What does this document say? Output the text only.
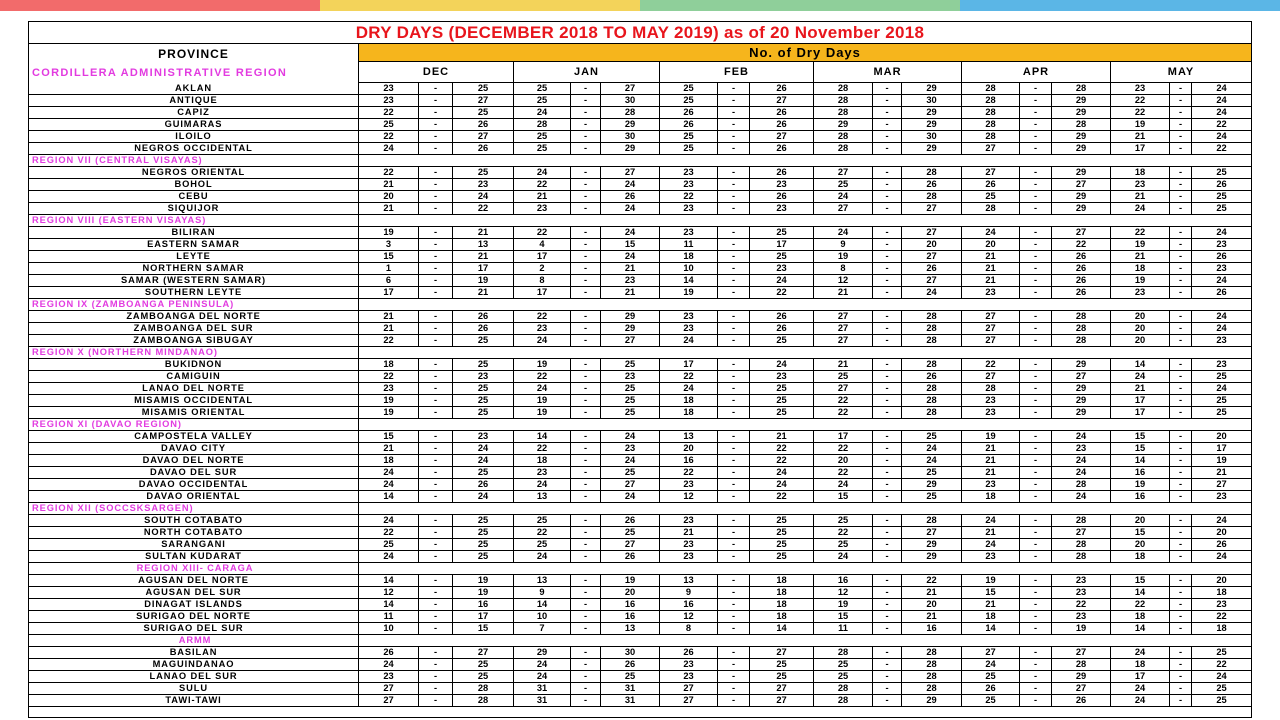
DRY DAYS (DECEMBER 2018 TO MAY 2019) as of 20 November 2018
PROVINCE	No. of Dry Days
CORDILLERA ADMINISTRATIVE REGION	DEC	JAN	FEB	MAR	APR	MAY
AKLAN	23	-	25	25	-	27	25	-	26	28	-	29	28	-	28	23	-	24
ANTIQUE	23	-	27	25	-	30	25	-	27	28	-	30	28	-	29	22	-	24
CAPIZ	22	-	25	24	-	28	26	-	26	28	-	29	28	-	29	22	-	24
GUIMARAS	25	-	26	28	-	29	26	-	26	29	-	29	28	-	28	19	-	22
ILOILO	22	-	27	25	-	30	25	-	27	28	-	30	28	-	29	21	-	24
NEGROS OCCIDENTAL	24	-	26	25	-	29	25	-	26	28	-	29	27	-	29	17	-	22
REGION VII (CENTRAL VISAYAS)
NEGROS ORIENTAL	22	-	25	24	-	27	23	-	26	27	-	28	27	-	29	18	-	25
BOHOL	21	-	23	22	-	24	23	-	23	25	-	26	26	-	27	23	-	26
CEBU	20	-	24	21	-	26	22	-	26	24	-	28	25	-	29	21	-	25
SIQUIJOR	21	-	22	23	-	24	23	-	23	27	-	27	28	-	29	24	-	25
REGION VIII (EASTERN VISAYAS)
BILIRAN	19	-	21	22	-	24	23	-	25	24	-	27	24	-	27	22	-	24
EASTERN SAMAR	3	-	13	4	-	15	11	-	17	9	-	20	20	-	22	19	-	23
LEYTE	15	-	21	17	-	24	18	-	25	19	-	27	21	-	26	21	-	26
NORTHERN SAMAR	1	-	17	2	-	21	10	-	23	8	-	26	21	-	26	18	-	23
SAMAR (WESTERN SAMAR)	6	-	19	8	-	23	14	-	24	12	-	27	21	-	26	19	-	24
SOUTHERN LEYTE	17	-	21	17	-	21	19	-	22	21	-	24	23	-	26	23	-	26
REGION IX (ZAMBOANGA PENINSULA)
ZAMBOANGA DEL NORTE	21	-	26	22	-	29	23	-	26	27	-	28	27	-	28	20	-	24
ZAMBOANGA DEL SUR	21	-	26	23	-	29	23	-	26	27	-	28	27	-	28	20	-	24
ZAMBOANGA SIBUGAY	22	-	25	24	-	27	24	-	25	27	-	28	27	-	28	20	-	23
REGION X (NORTHERN MINDANAO)
BUKIDNON	18	-	25	19	-	25	17	-	24	21	-	28	22	-	29	14	-	23
CAMIGUIN	22	-	23	22	-	23	22	-	23	25	-	26	27	-	27	24	-	25
LANAO DEL NORTE	23	-	25	24	-	25	24	-	25	27	-	28	28	-	29	21	-	24
MISAMIS OCCIDENTAL	19	-	25	19	-	25	18	-	25	22	-	28	23	-	29	17	-	25
MISAMIS ORIENTAL	19	-	25	19	-	25	18	-	25	22	-	28	23	-	29	17	-	25
REGION XI (DAVAO REGION)
CAMPOSTELA VALLEY	15	-	23	14	-	24	13	-	21	17	-	25	19	-	24	15	-	20
DAVAO CITY	21	-	24	22	-	23	20	-	22	22	-	24	21	-	23	15	-	17
DAVAO DEL NORTE	18	-	24	18	-	24	16	-	22	20	-	24	21	-	24	14	-	19
DAVAO DEL SUR	24	-	25	23	-	25	22	-	24	22	-	25	21	-	24	16	-	21
DAVAO OCCIDENTAL	24	-	26	24	-	27	23	-	24	24	-	29	23	-	28	19	-	27
DAVAO ORIENTAL	14	-	24	13	-	24	12	-	22	15	-	25	18	-	24	16	-	23
REGION XII (SOCCSKSARGEN)
SOUTH COTABATO	24	-	25	25	-	26	23	-	25	25	-	28	24	-	28	20	-	24
NORTH COTABATO	22	-	25	22	-	25	21	-	25	22	-	27	21	-	27	15	-	20
SARANGANI	25	-	25	25	-	27	23	-	25	25	-	29	24	-	28	20	-	26
SULTAN KUDARAT	24	-	25	24	-	26	23	-	25	24	-	29	23	-	28	18	-	24
REGION XIII- CARAGA
AGUSAN DEL NORTE	14	-	19	13	-	19	13	-	18	16	-	22	19	-	23	15	-	20
AGUSAN DEL SUR	12	-	19	9	-	20	9	-	18	12	-	21	15	-	23	14	-	18
DINAGAT ISLANDS	14	-	16	14	-	16	16	-	18	19	-	20	21	-	22	22	-	23
SURIGAO DEL NORTE	11	-	17	10	-	16	12	-	18	15	-	21	18	-	23	18	-	22
SURIGAO DEL SUR	10	-	15	7	-	13	8	-	14	11	-	16	14	-	19	14	-	18
ARMM
BASILAN	26	-	27	29	-	30	26	-	27	28	-	28	27	-	27	24	-	25
MAGUINDANAO	24	-	25	24	-	26	23	-	25	25	-	28	24	-	28	18	-	22
LANAO DEL SUR	23	-	25	24	-	25	23	-	25	25	-	28	25	-	29	17	-	24
SULU	27	-	28	31	-	31	27	-	27	28	-	28	26	-	27	24	-	25
TAWI-TAWI	27	-	28	31	-	31	27	-	27	28	-	29	25	-	26	24	-	25
